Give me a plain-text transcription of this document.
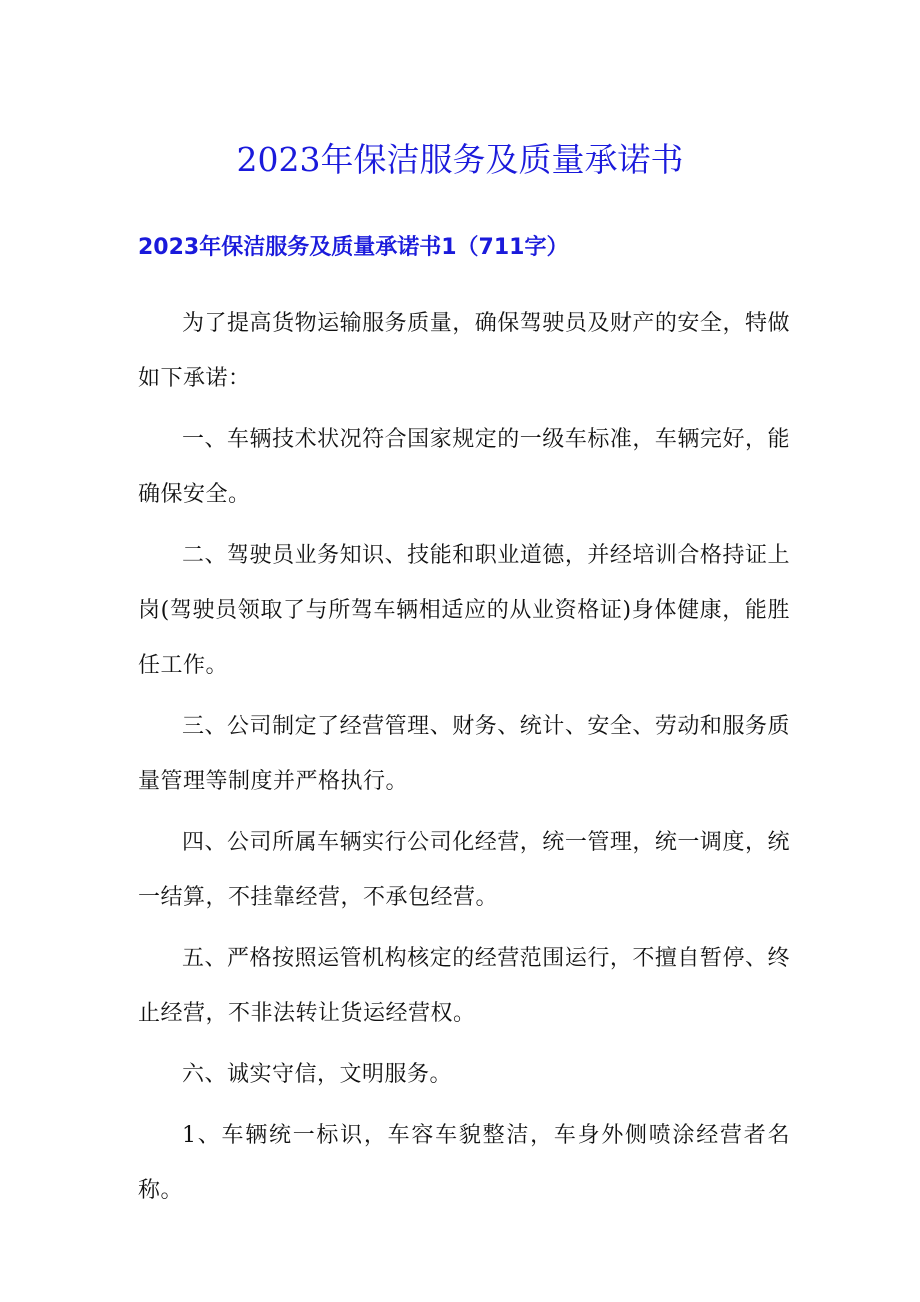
2023年保洁服务及质量承诺书
2023年保洁服务及质量承诺书1（711字）

为了提高货物运输服务质量，确保驾驶员及财产的安全，特做如下承诺：

一、车辆技术状况符合国家规定的一级车标准，车辆完好，能确保安全。

二、驾驶员业务知识、技能和职业道德，并经培训合格持证上岗(驾驶员领取了与所驾车辆相适应的从业资格证)身体健康，能胜任工作。

三、公司制定了经营管理、财务、统计、安全、劳动和服务质量管理等制度并严格执行。

四、公司所属车辆实行公司化经营，统一管理，统一调度，统一结算，不挂靠经营，不承包经营。

五、严格按照运管机构核定的经营范围运行，不擅自暂停、终止经营，不非法转让货运经营权。

六、诚实守信，文明服务。

1、车辆统一标识，车容车貌整洁，车身外侧喷涂经营者名称。
